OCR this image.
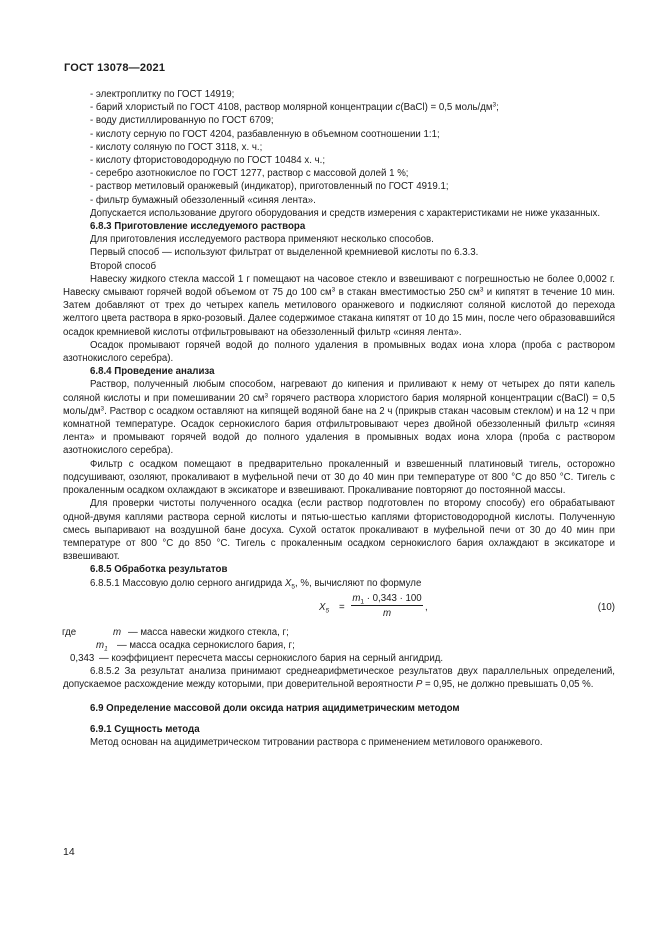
ГОСТ 13078—2021

- электроплитку по ГОСТ 14919;

- барий хлористый по ГОСТ 4108, раствор молярной концентрации c(BaCl) = 0,5 моль/$дм^3$;

- воду дистиллированную по ГОСТ 6709;

- кислоту серную по ГОСТ 4204, разбавленную в объемном соотношении 1:1;

- кислоту соляную по ГОСТ 3118, х. ч.;

- кислоту фтористоводородную по ГОСТ 10484 х. ч.;

- серебро азотнокислое по ГОСТ 1277, раствор с массовой долей 1 %;

- раствор метиловый оранжевый (индикатор), приготовленный по ГОСТ 4919.1;

- фильтр бумажный обеззоленный «синяя лента».

Допускается использование другого оборудования и средств измерения с характеристиками не ниже указанных.

6.8.3 Приготовление исследуемого раствора

Для приготовления исследуемого раствора применяют несколько способов.

Первый способ — используют фильтрат от выделенной кремниевой кислоты по 6.3.3.

Второй способ

Навеску жидкого стекла массой 1 г помещают на часовое стекло и взвешивают с погрешностью не более 0,0002 г. Навеску смывают горячей водой объемом от 75 до 100 $см^3$ в стакан вместимостью 250 $см^3$ и кипятят в течение 10 мин. Затем добавляют от трех до четырех капель метилового оранжевого и подкисляют соляной кислотой до перехода желтого цвета раствора в ярко-розовый. Далее содержимое стакана кипятят от 10 до 15 мин, после чего образовавшийся осадок кремниевой кислоты отфильтровывают на обеззоленный фильтр «синяя лента».

Осадок промывают горячей водой до полного удаления в промывных водах иона хлора (проба с раствором азотнокислого серебра).

6.8.4 Проведение анализа

Раствор, полученный любым способом, нагревают до кипения и приливают к нему от четырех до пяти капель соляной кислоты и при помешивании 20 $см^3$ горячего раствора хлористого бария молярной концентрации с(BaCl) = 0,5 моль/$дм^3$. Раствор с осадком оставляют на кипящей водяной бане на 2 ч (прикрыв стакан часовым стеклом) и на 12 ч при комнатной температуре. Осадок сернокислого бария отфильтровывают через двойной обеззоленный фильтр «синяя лента» и промывают горячей водой до полного удаления в промывных водах иона хлора (проба с раствором азотнокислого серебра).

Фильтр с осадком помещают в предварительно прокаленный и взвешенный платиновый тигель, осторожно подсушивают, озоляют, прокаливают в муфельной печи от 30 до 40 мин при температуре от 800 °С до 850 °С. Тигель с прокаленным осадком охлаждают в эксикаторе и взвешивают. Прокаливание повторяют до постоянной массы.

Для проверки чистоты полученного осадка (если раствор подготовлен по второму способу) его обрабатывают одной-двумя каплями раствора серной кислоты и пятью-шестью каплями фтористоводородной кислоты. Полученную смесь выпаривают на воздушной бане досуха. Сухой остаток прокаливают в муфельной печи от 30 до 40 мин при температуре от 800 °С до 850 °С. Тигель с прокаленным осадком сернокислого бария охлаждают в эксикаторе и взвешивают.

6.8.5 Обработка результатов

6.8.5.1 Массовую долю серного ангидрида $X_5$, %, вычисляют по формуле

$X_5$ =
$m_1 \cdot 0,343 \cdot 100$
m
,	(10)
где	m — масса навески жидкого стекла, г;
$m_1$ — масса осадка сернокислого бария, г;
0,343 — коэффициент пересчета массы сернокислого бария на серный ангидрид.

6.8.5.2 За результат анализа принимают среднеарифметическое результатов двух параллельных определений, допускаемое расхождение между которыми, при доверительной вероятности P = 0,95, не должно превышать 0,05 %.

6.9 Определение массовой доли оксида натрия ацидиметрическим методом

6.9.1 Сущность метода

Метод основан на ацидиметрическом титровании раствора с применением метилового оранжевого.

14
